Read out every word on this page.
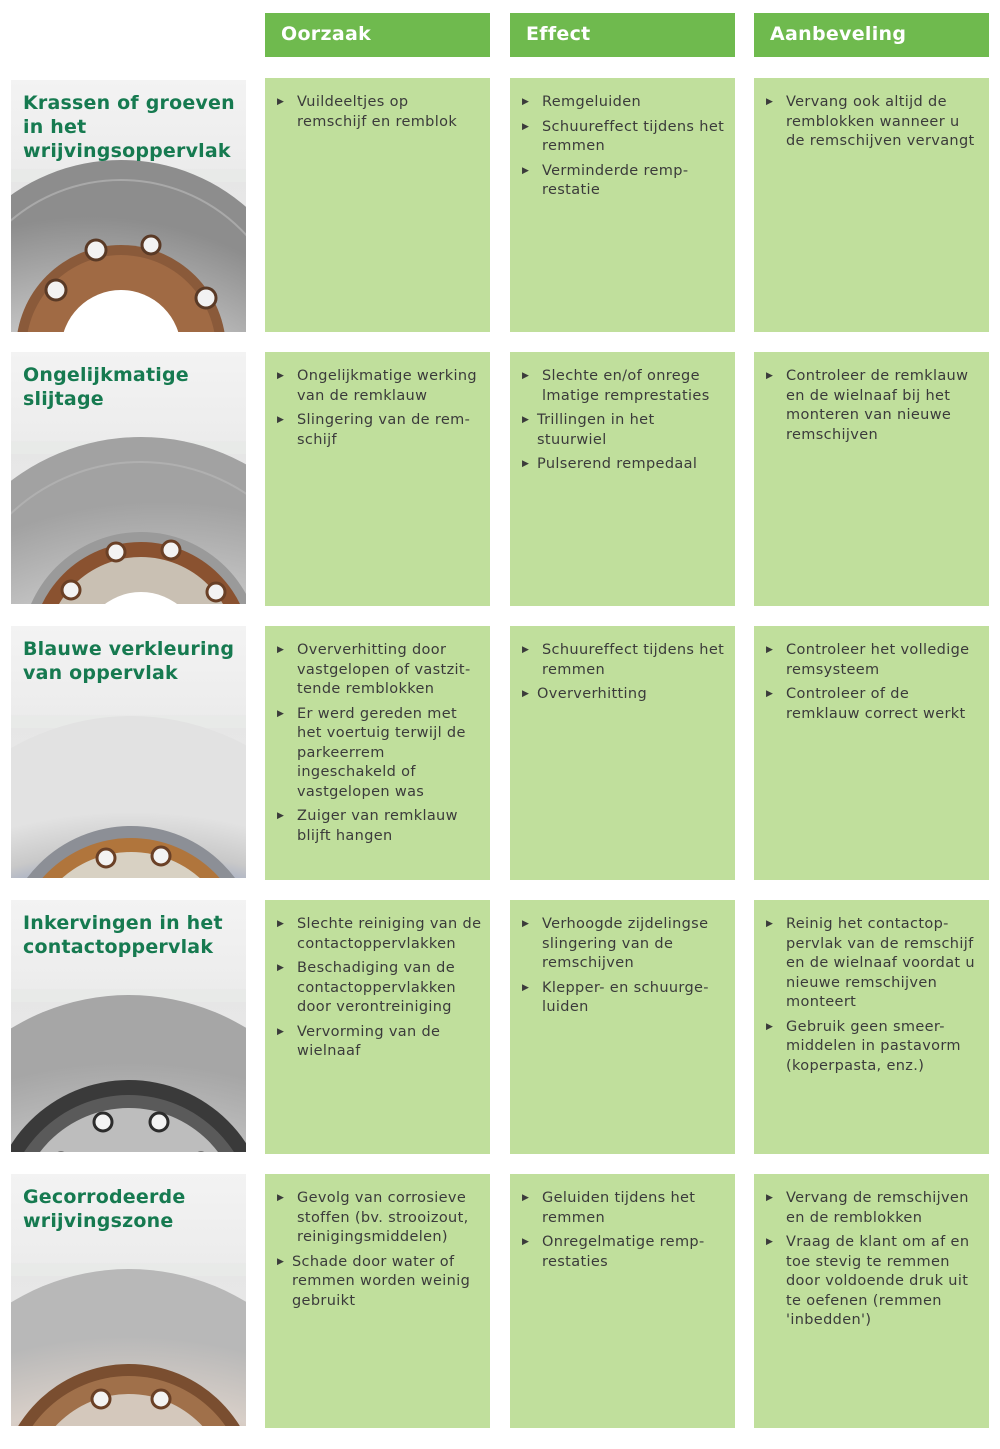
Oorzaak	Effect	Aanbeveling
Krassen of groeven in het wrijvingsoppervlak
▶ Vuildeeltjes op remschijf en remblok
▶ Remgeluiden
▶ Schuureffect tijdens het remmen
▶ Verminderde remp-restatie
▶ Vervang ook altijd de remblokken wanneer u de remschijven vervangt
Ongelijkmatige slijtage
▶ Ongelijkmatige werking van de remklauw
▶ Slingering van de rem-schijf
▶ Slechte en/of onrege lmatige remprestaties
▶ Trillingen in het stuurwiel
▶ Pulserend rempedaal
▶ Controleer de remklauw en de wielnaaf bij het monteren van nieuwe remschijven
Blauwe verkleuring van oppervlak
▶ Oververhitting door vastgelopen of vastzit-tende remblokken
▶ Er werd gereden met het voertuig terwijl de parkeerrem ingeschakeld of vastgelopen was
▶ Zuiger van remklauw blijft hangen
▶ Schuureffect tijdens het remmen
▶ Oververhitting
▶ Controleer het volledige remsysteem
▶ Controleer of de remklauw correct werkt
Inkervingen in het contactoppervlak
▶ Slechte reiniging van de contactoppervlakken
▶ Beschadiging van de contactoppervlakken door verontreiniging
▶ Vervorming van de wielnaaf
▶ Verhoogde zijdelingse slingering van de remschijven
▶ Klepper- en schuurge-luiden
▶ Reinig het contactop-pervlak van de remschijf en de wielnaaf voordat u nieuwe remschijven monteert
▶ Gebruik geen smeer-middelen in pastavorm (koperpasta, enz.)
Gecorrodeerde wrijvingszone
▶ Gevolg van corrosieve stoffen (bv. strooizout, reinigingsmiddelen)
▶ Schade door water of remmen worden weinig gebruikt
▶ Geluiden tijdens het remmen
▶ Onregelmatige remp-restaties
▶ Vervang de remschijven en de remblokken
▶ Vraag de klant om af en toe stevig te remmen door voldoende druk uit te oefenen (remmen 'inbedden')
